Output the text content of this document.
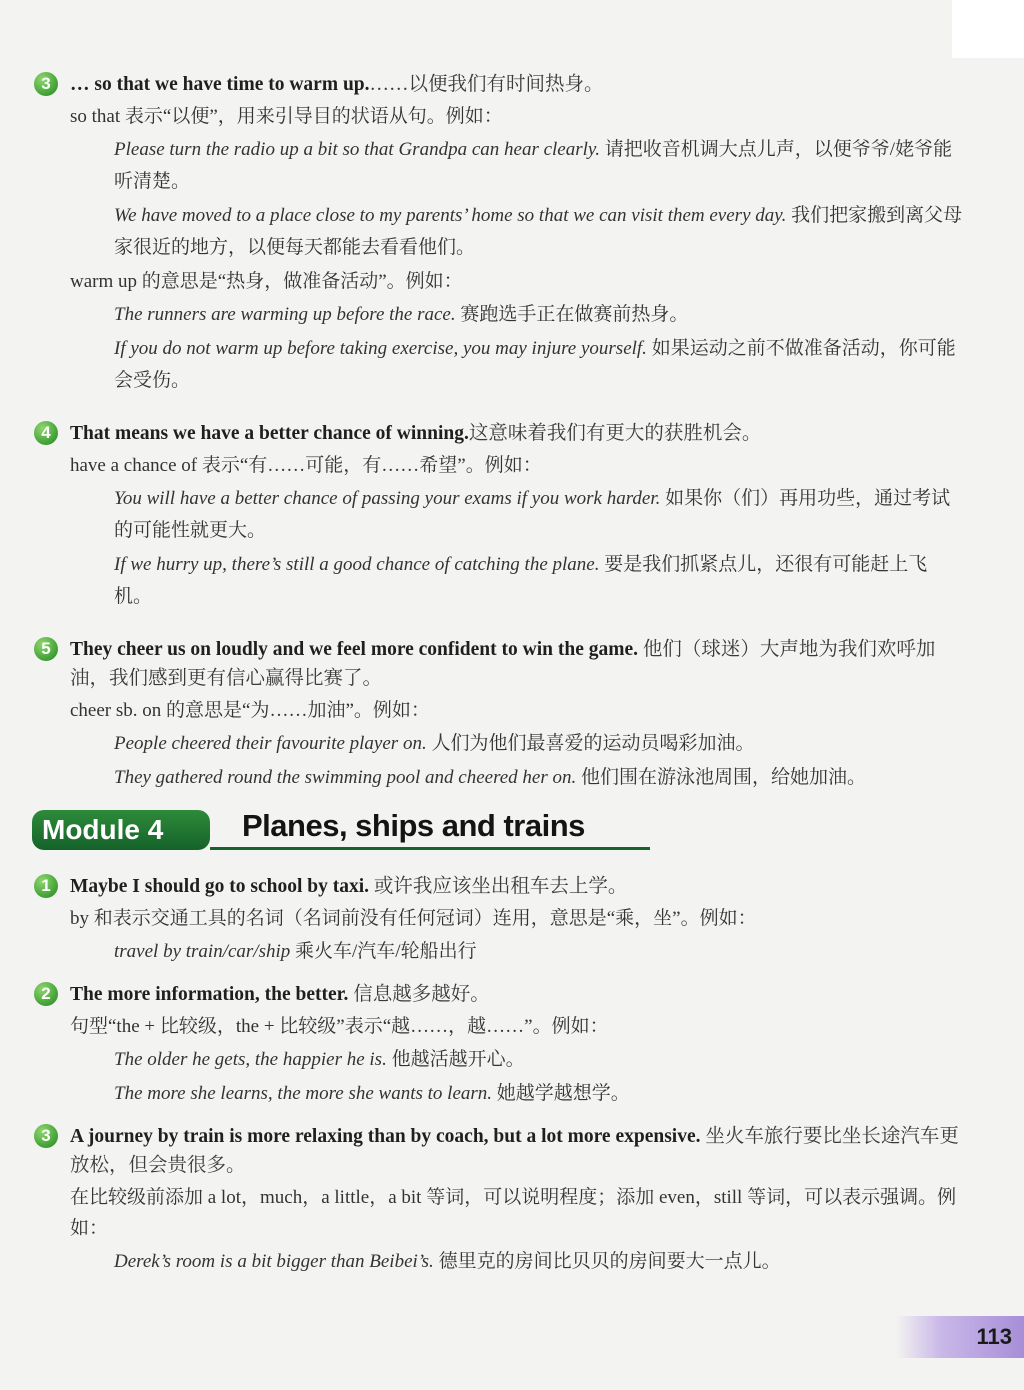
3 … so that we have time to warm up.……以便我们有时间热身。
so that 表示“以便”，用来引导目的状语从句。例如：
Please turn the radio up a bit so that Grandpa can hear clearly. 请把收音机调大点儿声，以便爷爷/姥爷能听清楚。
We have moved to a place close to my parents’ home so that we can visit them every day. 我们把家搬到离父母家很近的地方，以便每天都能去看看他们。
warm up 的意思是“热身，做准备活动”。例如：
The runners are warming up before the race. 赛跑选手正在做赛前热身。
If you do not warm up before taking exercise, you may injure yourself. 如果运动之前不做准备活动，你可能会受伤。
4 That means we have a better chance of winning.这意味着我们有更大的获胜机会。
have a chance of 表示“有……可能，有……希望”。例如：
You will have a better chance of passing your exams if you work harder. 如果你（们）再用功些，通过考试的可能性就更大。
If we hurry up, there’s still a good chance of catching the plane. 要是我们抓紧点儿，还很有可能赶上飞机。
5 They cheer us on loudly and we feel more confident to win the game. 他们（球迷）大声地为我们欢呼加油，我们感到更有信心赢得比赛了。
cheer sb. on 的意思是“为……加油”。例如：
People cheered their favourite player on. 人们为他们最喜爱的运动员喝彩加油。
They gathered round the swimming pool and cheered her on. 他们围在游泳池周围，给她加油。
Module 4	Planes, ships and trains
1 Maybe I should go to school by taxi. 或许我应该坐出租车去上学。
by 和表示交通工具的名词（名词前没有任何冠词）连用，意思是“乘，坐”。例如：
travel by train/car/ship 乘火车/汽车/轮船出行
2 The more information, the better. 信息越多越好。
句型“the + 比较级，the + 比较级”表示“越……，越……”。例如：
The older he gets, the happier he is. 他越活越开心。
The more she learns, the more she wants to learn. 她越学越想学。
3 A journey by train is more relaxing than by coach, but a lot more expensive. 坐火车旅行要比坐长途汽车更放松，但会贵很多。
在比较级前添加 a lot，much，a little，a bit 等词，可以说明程度；添加 even，still 等词，可以表示强调。例如：
Derek’s room is a bit bigger than Beibei’s. 德里克的房间比贝贝的房间要大一点儿。
113
